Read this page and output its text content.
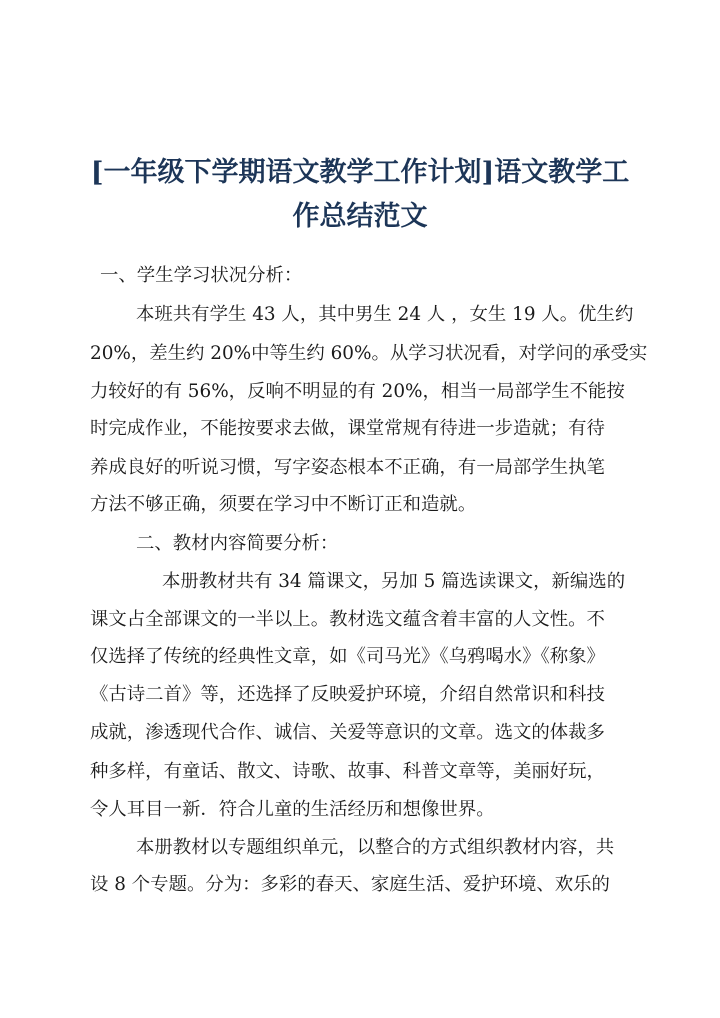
[一年级下学期语文教学工作计划]语文教学工
作总结范文

一、学生学习状况分析：

本班共有学生 43 人，其中男生 24 人 ，女生 19 人。优生约

20%，差生约 20%中等生约 60%。从学习状况看，对学问的承受实

力较好的有 56%，反响不明显的有 20%，相当一局部学生不能按

时完成作业，不能按要求去做，课堂常规有待进一步造就；有待

养成良好的听说习惯，写字姿态根本不正确，有一局部学生执笔

方法不够正确，须要在学习中不断订正和造就。

二、教材内容简要分析：

本册教材共有 34 篇课文，另加 5 篇选读课文，新编选的

课文占全部课文的一半以上。教材选文蕴含着丰富的人文性。不

仅选择了传统的经典性文章，如《司马光》《乌鸦喝水》《称象》

《古诗二首》等，还选择了反映爱护环境，介绍自然常识和科技

成就，渗透现代合作、诚信、关爱等意识的文章。选文的体裁多

种多样，有童话、散文、诗歌、故事、科普文章等，美丽好玩，

令人耳目一新．符合儿童的生活经历和想像世界。

本册教材以专题组织单元，以整合的方式组织教材内容，共

设 8 个专题。分为：多彩的春天、家庭生活、爱护环境、欢乐的
